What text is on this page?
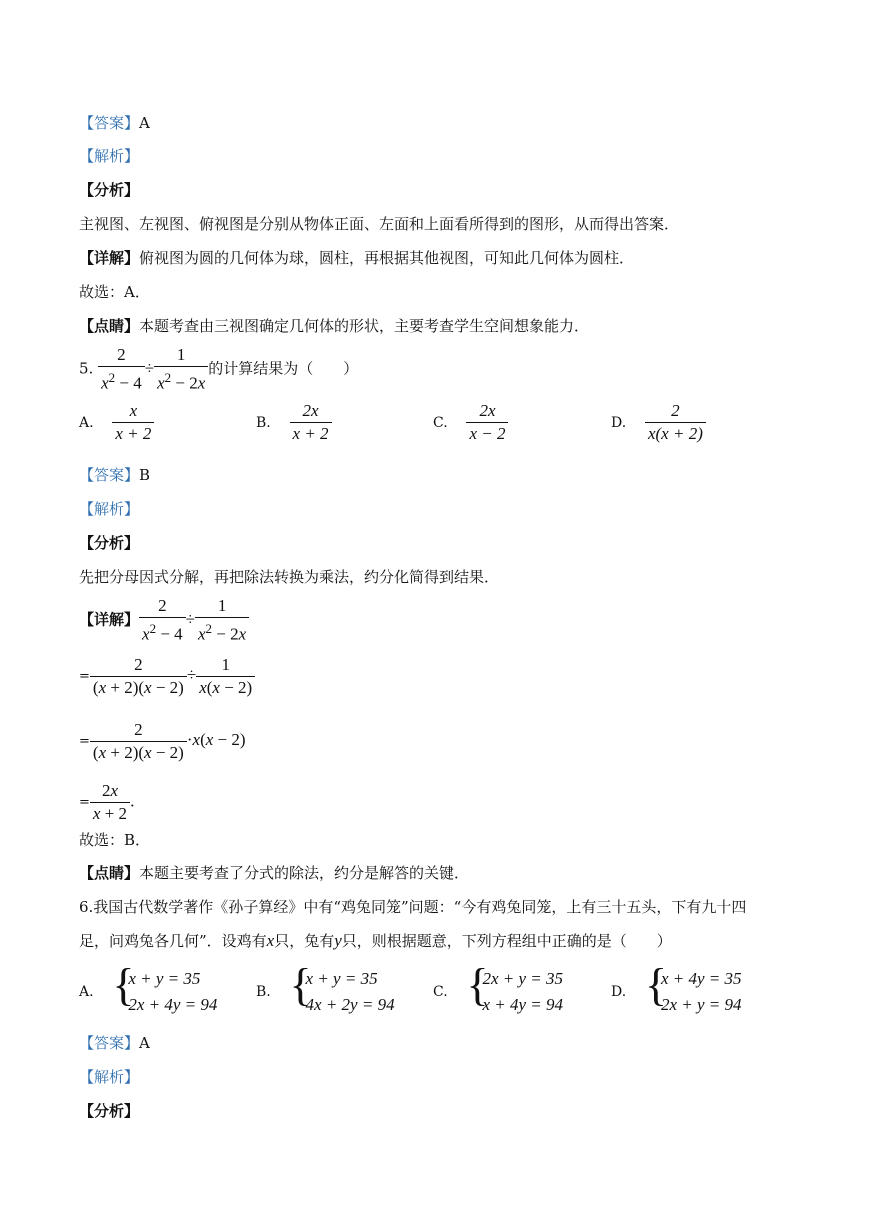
【答案】A
【解析】
【分析】
主视图、左视图、俯视图是分别从物体正面、左面和上面看所得到的图形，从而得出答案．
【详解】俯视图为圆的几何体为球，圆柱，再根据其他视图，可知此几何体为圆柱．
故选：A．
【点睛】本题考查由三视图确定几何体的形状，主要考查学生空间想象能力．
5. $\frac{2}{x^2 - 4} \div \frac{1}{x^2 - 2x}$ 的计算结果为（　　）
A. $\frac{x}{x + 2}$	B. $\frac{2x}{x + 2}$	C. $\frac{2x}{x - 2}$	D. $\frac{2}{x(x + 2)}$
【答案】B
【解析】
【分析】
先把分母因式分解，再把除法转换为乘法，约分化简得到结果．
【详解】 $\frac{2}{x^2 - 4} \div \frac{1}{x^2 - 2x}$
= $\frac{2}{(x + 2)(x - 2)} \div \frac{1}{x(x - 2)}$
= $\frac{2}{(x + 2)(x - 2)} \cdot x(x - 2)$
= $\frac{2x}{x + 2}$ ．
故选：B．
【点睛】本题主要考查了分式的除法，约分是解答的关键．
6.我国古代数学著作《孙子算经》中有“鸡兔同笼”问题：“今有鸡兔同笼，上有三十五头，下有九十四
足，问鸡兔各几何”．设鸡有x只，兔有y只，则根据题意，下列方程组中正确的是（　　）
A. {
x + y = 35
2x + 4y = 94
B. {
x + y = 35
4x + 2y = 94
C. {
2x + y = 35
x + 4y = 94
D. {
x + 4y = 35
2x + y = 94
【答案】A
【解析】
【分析】
